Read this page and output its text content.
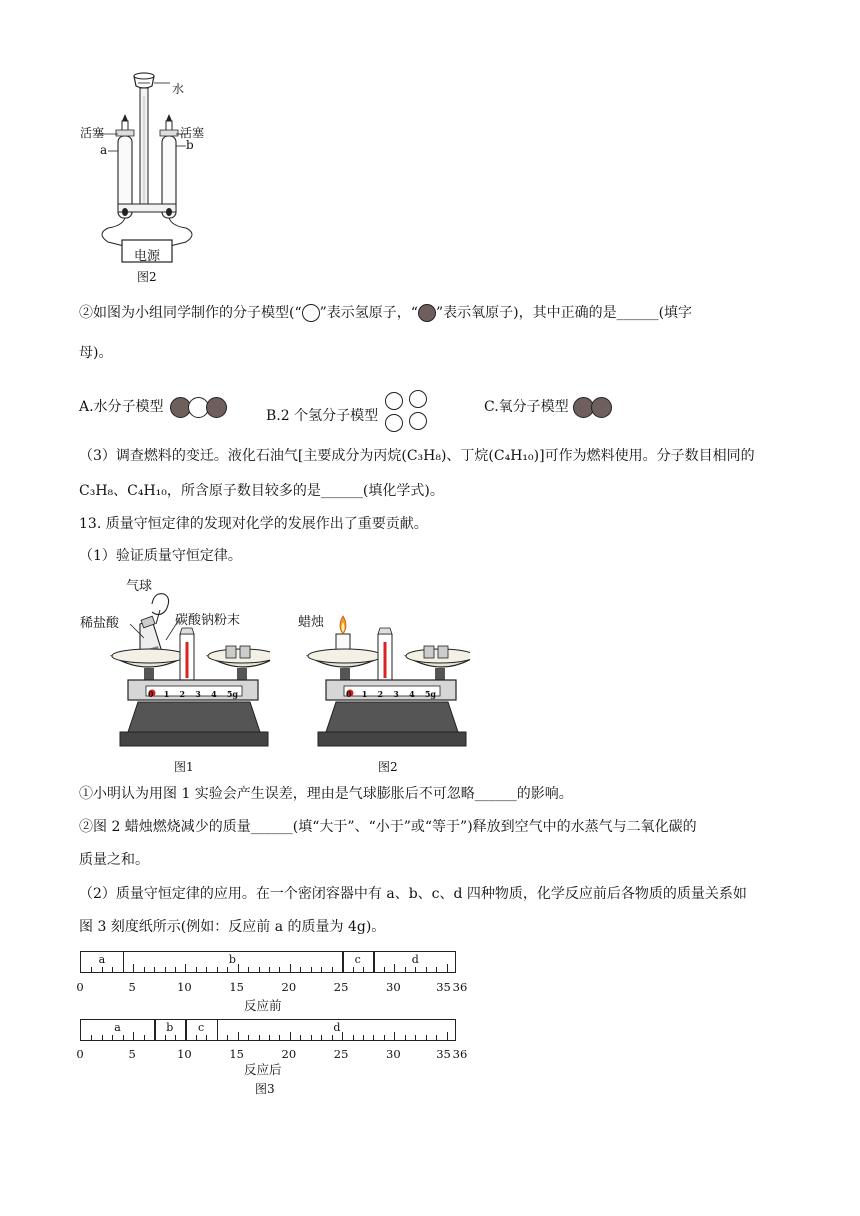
水
活塞	活塞
a	b
电源
图2
②如图为小组同学制作的分子模型(“ ”表示氢原子，“ ”表示氧原子)，其中正确的是______(填字
母)。
A.水分子模型
B.2 个氢分子模型
C.氧分子模型
（3）调查燃料的变迁。液化石油气[主要成分为丙烷(C₃H₈)、丁烷(C₄H₁₀)]可作为燃料使用。分子数目相同的
C₃H₈、C₄H₁₀，所含原子数目较多的是______(填化学式)。
13. 质量守恒定律的发现对化学的发展作出了重要贡献。
（1）验证质量守恒定律。
气球
稀盐酸	碳酸钠粉末	蜡烛
0 1 2 3 4 5g	0 1 2 3 4 5g
图1	图2
①小明认为用图 1 实验会产生误差，理由是气球膨胀后不可忽略______的影响。
②图 2 蜡烛燃烧减少的质量______(填“大于”、“小于”或“等于”)释放到空气中的水蒸气与二氧化碳的
质量之和。
（2）质量守恒定律的应用。在一个密闭容器中有 a、b、c、d 四种物质，化学反应前后各物质的质量关系如
图 3 刻度纸所示(例如：反应前 a 的质量为 4g)。
a	b	c	d
0	5	10	15	20	25	30	35 36
反应前
a	b c	d
0	5	10	15	20	25	30	35 36
反应后
图3
